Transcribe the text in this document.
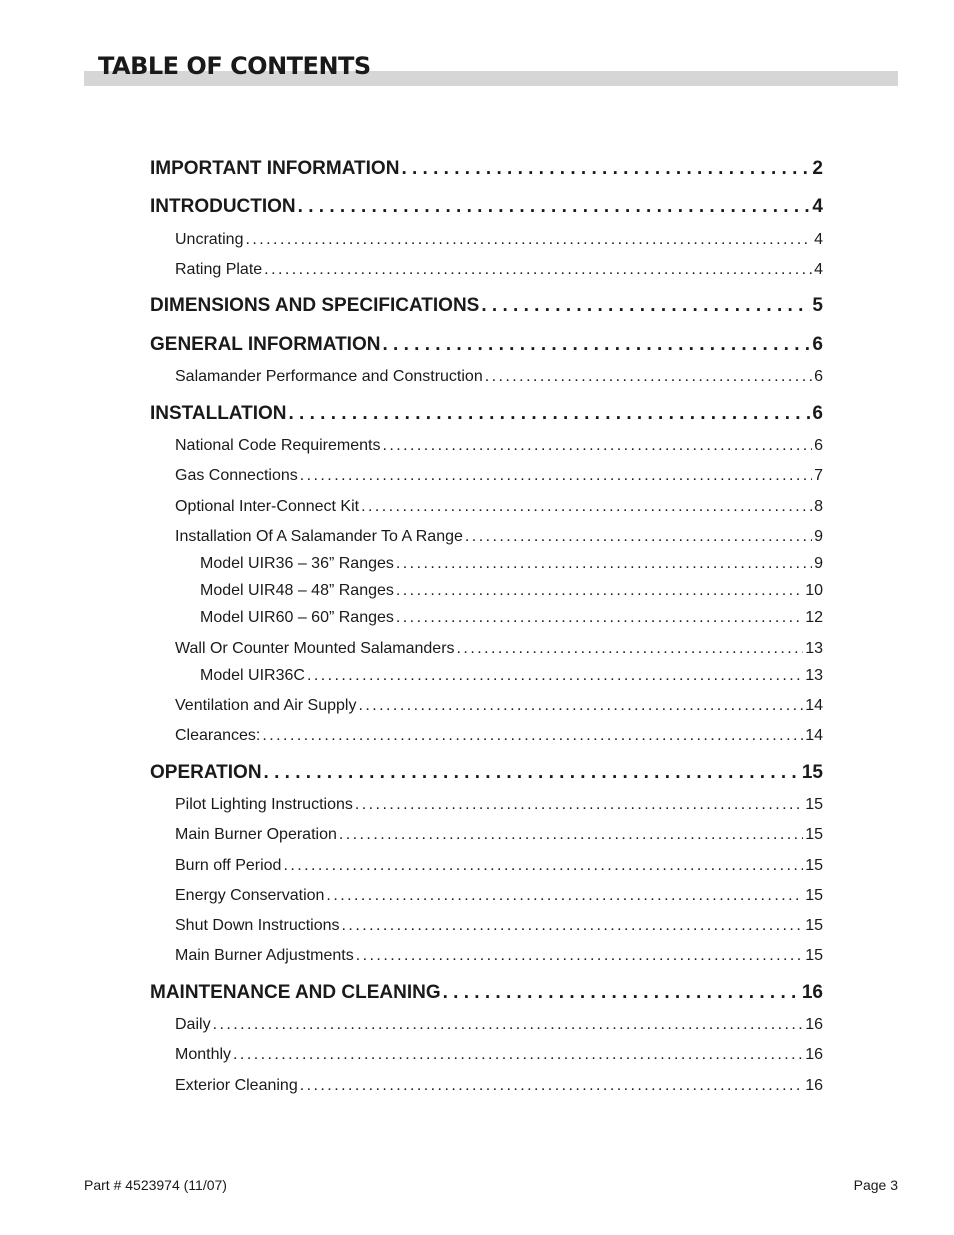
TABLE OF CONTENTS
IMPORTANT INFORMATION . . .	2
INTRODUCTION . . .	4
Uncrating . . .	4
Rating Plate . . .	4
DIMENSIONS AND SPECIFICATIONS . . .	5
GENERAL INFORMATION . . .	6
Salamander Performance and Construction . . .	6
INSTALLATION . . .	6
National Code Requirements . . .	6
Gas Connections . . .	7
Optional Inter-Connect Kit . . .	8
Installation Of A Salamander To A Range . . .	9
Model UIR36 – 36” Ranges . . .	9
Model UIR48 – 48” Ranges . . .	10
Model UIR60 – 60” Ranges . . .	12
Wall Or Counter Mounted Salamanders . . .	13
Model UIR36C . . .	13
Ventilation and Air Supply . . .	14
Clearances: . . .	14
OPERATION . . .	15
Pilot Lighting Instructions . . .	15
Main Burner Operation . . .	15
Burn off Period . . .	15
Energy Conservation . . .	15
Shut Down Instructions . . .	15
Main Burner Adjustments . . .	15
MAINTENANCE AND CLEANING . . .	16
Daily . . .	16
Monthly . . .	16
Exterior Cleaning . . .	16
Part # 4523974 (11/07)	Page 3
